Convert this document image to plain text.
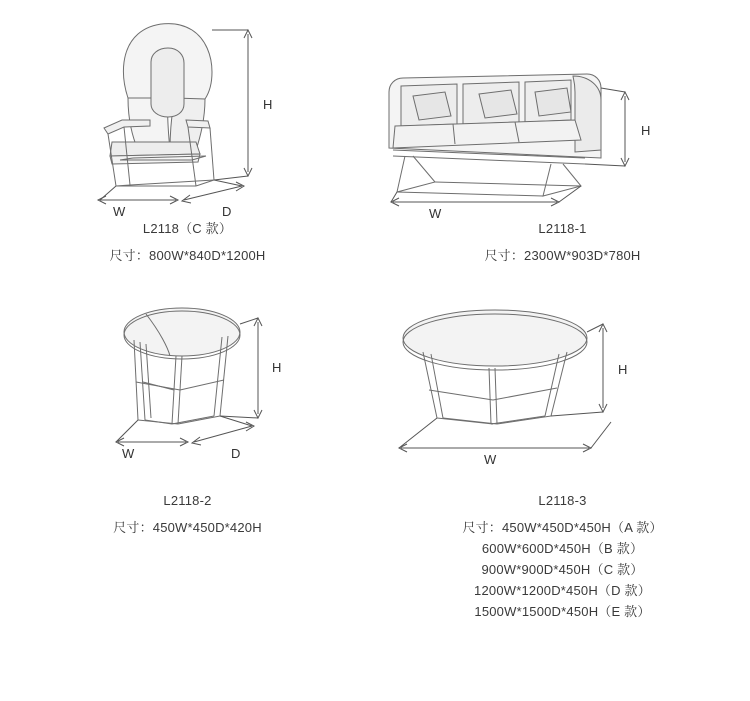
H
W	D
L2118（C 款）
尺寸：800W*840D*1200H
H
W
L2118-1
尺寸：2300W*903D*780H
H
W	D
L2118-2
尺寸：450W*450D*420H
H
W
L2118-3
尺寸：450W*450D*450H（A 款）
600W*600D*450H（B 款）
900W*900D*450H（C 款）
1200W*1200D*450H（D 款）
1500W*1500D*450H（E 款）
